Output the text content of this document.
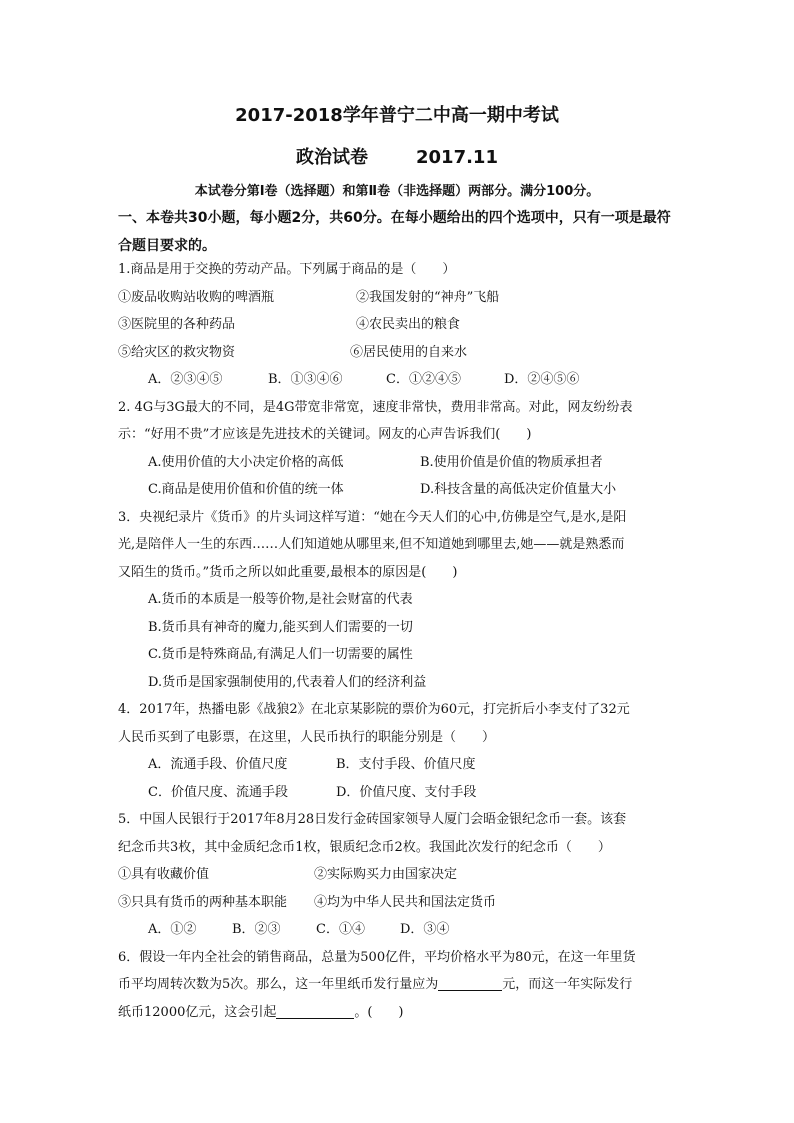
2017-2018学年普宁二中高一期中考试
政治试卷	2017.11
本试卷分第Ⅰ卷（选择题）和第Ⅱ卷（非选择题）两部分。满分100分。
一、本卷共30小题，每小题2分，共60分。在每小题给出的四个选项中，只有一项是最符合题目要求的。
1.商品是用于交换的劳动产品。下列属于商品的是（　　）
①废品收购站收购的啤酒瓶	②我国发射的“神舟”飞船
③医院里的各种药品	④农民卖出的粮食
⑤给灾区的救灾物资	⑥居民使用的自来水
A．②③④⑤	B．①③④⑥	C．①②④⑤	D．②④⑤⑥
2. 4G与3G最大的不同，是4G带宽非常宽，速度非常快，费用非常高。对此，网友纷纷表
示：“好用不贵”才应该是先进技术的关键词。网友的心声告诉我们(　　)
A.使用价值的大小决定价格的高低	B.使用价值是价值的物质承担者
C.商品是使用价值和价值的统一体	D.科技含量的高低决定价值量大小
3．央视纪录片《货币》的片头词这样写道：“她在今天人们的心中,仿佛是空气,是水,是阳
光,是陪伴人一生的东西……人们知道她从哪里来,但不知道她到哪里去,她——就是熟悉而
又陌生的货币。”货币之所以如此重要,最根本的原因是(　　)
A.货币的本质是一般等价物,是社会财富的代表
B.货币具有神奇的魔力,能买到人们需要的一切
C.货币是特殊商品,有满足人们一切需要的属性
D.货币是国家强制使用的,代表着人们的经济利益
4．2017年，热播电影《战狼2》在北京某影院的票价为60元，打完折后小李支付了32元
人民币买到了电影票，在这里，人民币执行的职能分别是（　　）
A．流通手段、价值尺度	B．支付手段、价值尺度
C．价值尺度、流通手段	D．价值尺度、支付手段
5．中国人民银行于2017年8月28日发行金砖国家领导人厦门会晤金银纪念币一套。该套
纪念币共3枚，其中金质纪念币1枚，银质纪念币2枚。我国此次发行的纪念币（　　）
①具有收藏价值	②实际购买力由国家决定
③只具有货币的两种基本职能 ④均为中华人民共和国法定货币
A．①②	B．②③	C．①④	D．③④
6．假设一年内全社会的销售商品，总量为500亿件，平均价格水平为80元，在这一年里货
币平均周转次数为5次。那么，这一年里纸币发行量应为	元，而这一年实际发行
纸币12000亿元，这会引起	。(　　)
